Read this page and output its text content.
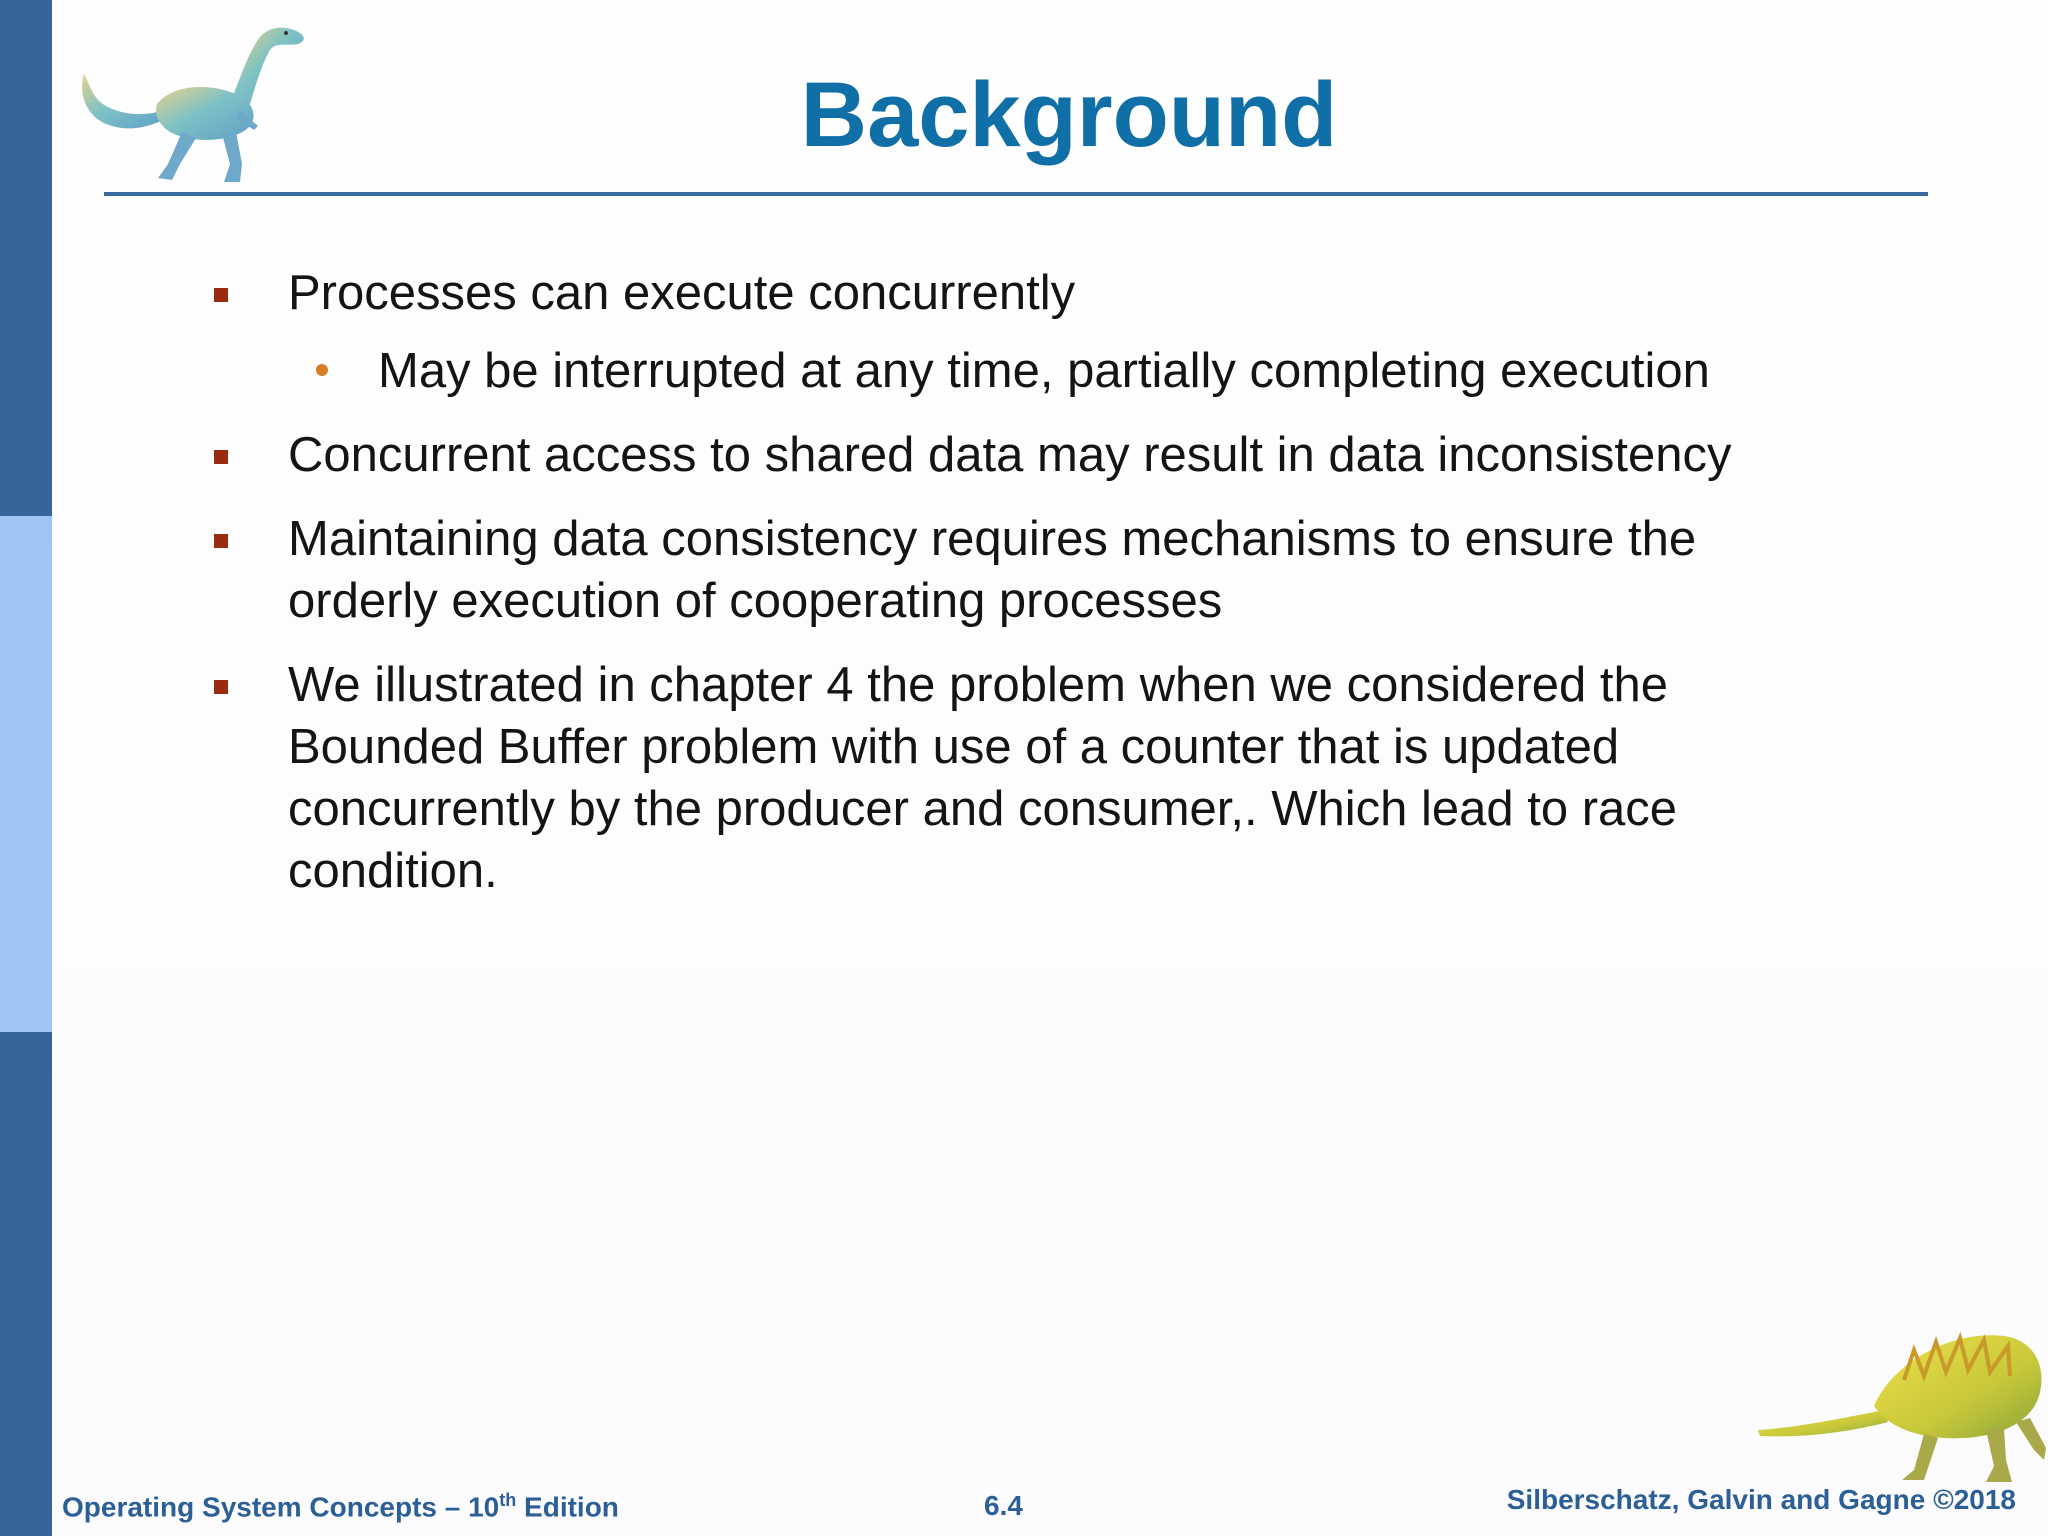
Background
Processes can execute concurrently
May be interrupted at any time, partially completing execution
Concurrent access to shared data may result in data inconsistency
Maintaining data consistency requires mechanisms to ensure the orderly execution of cooperating processes
We illustrated in chapter 4 the problem when we considered the Bounded Buffer problem with use of a counter that is updated concurrently by the producer and consumer,. Which lead to race condition.
Operating System Concepts – 10th Edition	6.4	Silberschatz, Galvin and Gagne ©2018
